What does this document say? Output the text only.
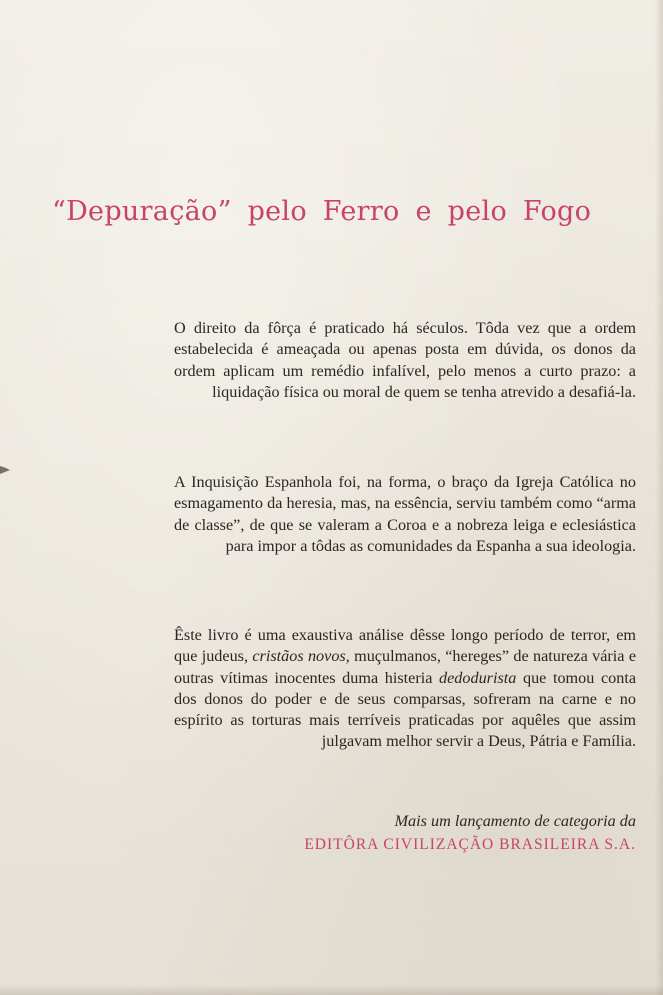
“Depuração” pelo Ferro e pelo Fogo

O direito da fôrça é praticado há séculos. Tôda vez que a ordem estabelecida é ameaçada ou apenas posta em dúvida, os donos da ordem aplicam um remédio infalível, pelo menos a curto prazo: a liquidação física ou moral de quem se tenha atrevido a desafiá-la.

A Inquisição Espanhola foi, na forma, o braço da Igreja Católica no esmagamento da heresia, mas, na essência, serviu também como “arma de classe”, de que se valeram a Coroa e a nobreza leiga e eclesiástica para impor a tôdas as comunidades da Espanha a sua ideologia.

Êste livro é uma exaustiva análise dêsse longo período de terror, em que judeus, cristãos novos, muçulmanos, “hereges” de natureza vária e outras vítimas inocentes duma histeria dedodurista que tomou conta dos donos do poder e de seus comparsas, sofreram na carne e no espírito as torturas mais terríveis praticadas por aquêles que assim julgavam melhor servir a Deus, Pátria e Família.

Mais um lançamento de categoria da
EDITÔRA CIVILIZAÇÃO BRASILEIRA S.A.
